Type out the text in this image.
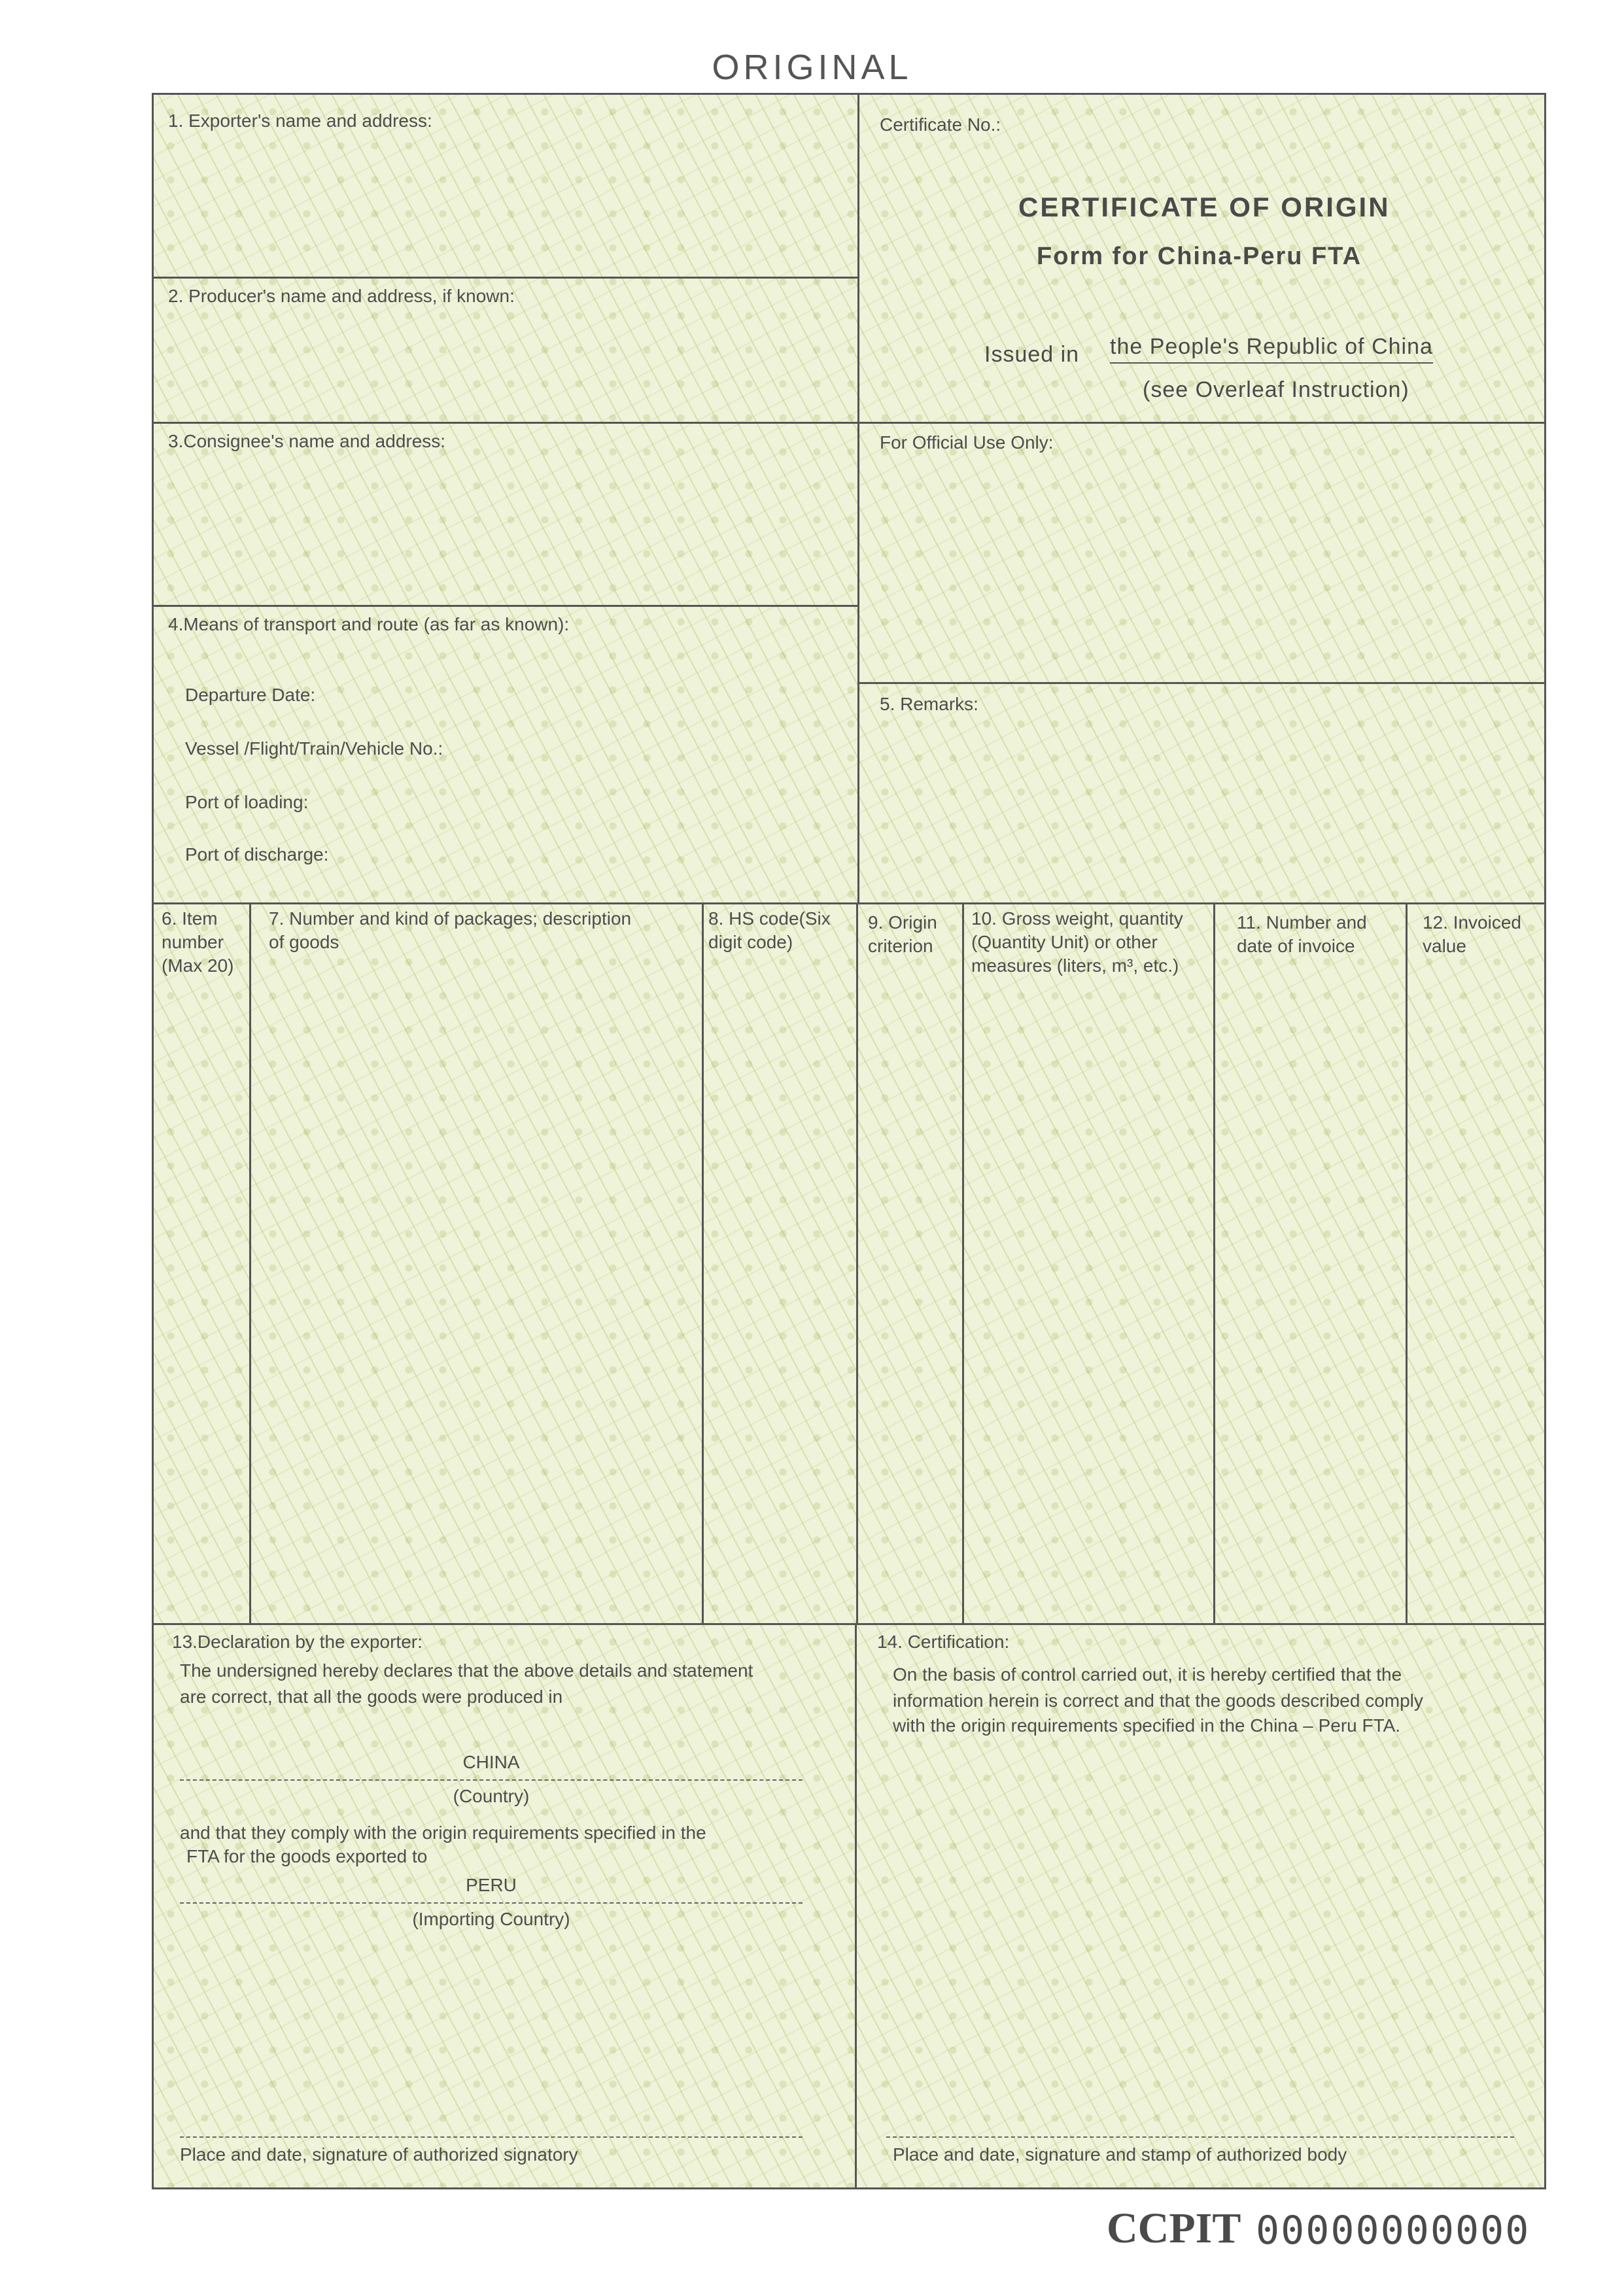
ORIGINAL
1. Exporter's name and address:
2. Producer's name and address, if known:
3.Consignee's name and address:
4.Means of transport and route (as far as known):
Departure Date:
Vessel /Flight/Train/Vehicle No.:
Port of loading:
Port of discharge:
Certificate No.:
CERTIFICATE OF ORIGIN
Form for China-Peru FTA
Issued in the People's Republic of China
(see Overleaf Instruction)
For Official Use Only:
5. Remarks:
6. Item
number
(Max 20)
7. Number and kind of packages; description
of goods
8. HS code(Six
digit code)
9. Origin
criterion
10. Gross weight, quantity
(Quantity Unit) or other
measures (liters, m³, etc.)
11. Number and
date of invoice
12. Invoiced
value
13.Declaration by the exporter:
The undersigned hereby declares that the above details and statement
are correct, that all the goods were produced in
CHINA
(Country)
and that they comply with the origin requirements specified in the
FTA for the goods exported to
PERU
(Importing Country)
Place and date, signature of authorized signatory
14. Certification:
On the basis of control carried out, it is hereby certified that the
information herein is correct and that the goods described comply
with the origin requirements specified in the China – Peru FTA.
Place and date, signature and stamp of authorized body
CCPIT 00000000000
